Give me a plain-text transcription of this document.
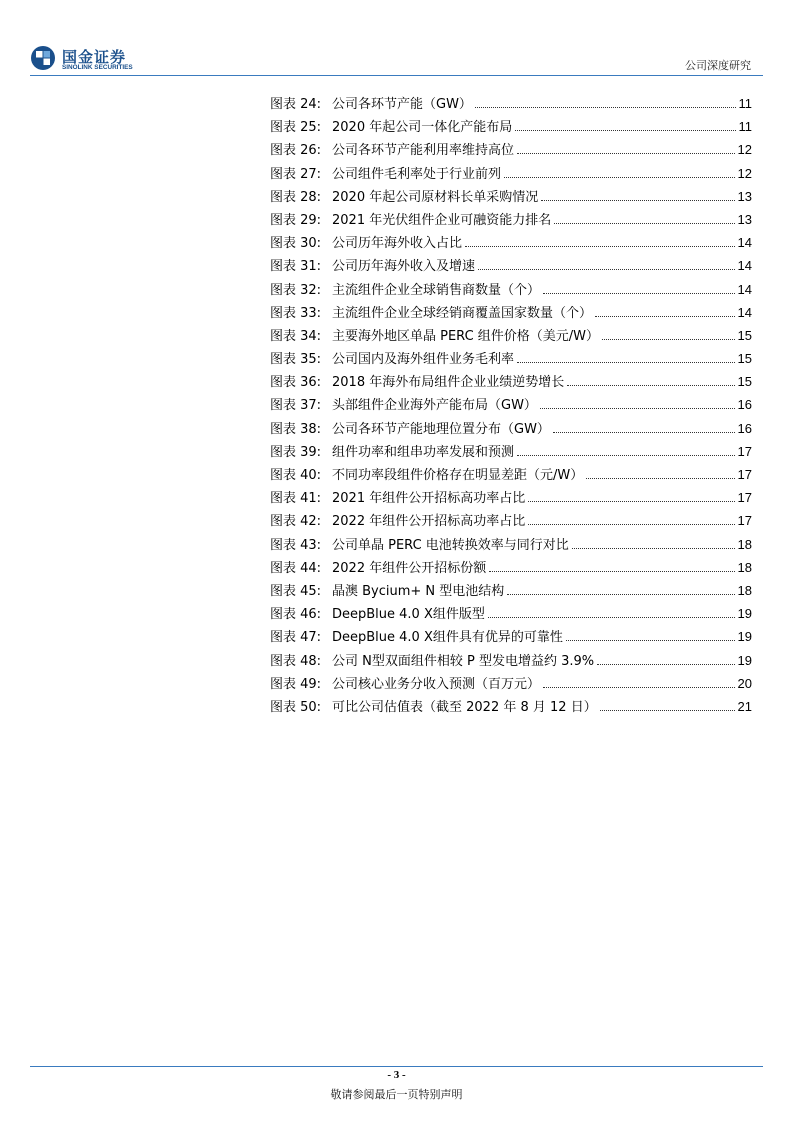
国金证券
SINOLINK SECURITIES	公司深度研究
图表 24: 公司各环节产能（GW）	11
图表 25: 2020 年起公司一体化产能布局	11
图表 26: 公司各环节产能利用率维持高位	12
图表 27: 公司组件毛利率处于行业前列	12
图表 28: 2020 年起公司原材料长单采购情况	13
图表 29: 2021 年光伏组件企业可融资能力排名	13
图表 30: 公司历年海外收入占比	14
图表 31: 公司历年海外收入及增速	14
图表 32: 主流组件企业全球销售商数量（个）	14
图表 33: 主流组件企业全球经销商覆盖国家数量（个）	14
图表 34: 主要海外地区单晶 PERC 组件价格（美元/W）	15
图表 35: 公司国内及海外组件业务毛利率	15
图表 36: 2018 年海外布局组件企业业绩逆势增长	15
图表 37: 头部组件企业海外产能布局（GW）	16
图表 38: 公司各环节产能地理位置分布（GW）	16
图表 39: 组件功率和组串功率发展和预测	17
图表 40: 不同功率段组件价格存在明显差距（元/W）	17
图表 41: 2021 年组件公开招标高功率占比	17
图表 42: 2022 年组件公开招标高功率占比	17
图表 43: 公司单晶 PERC 电池转换效率与同行对比	18
图表 44: 2022 年组件公开招标份额	18
图表 45: 晶澳 Bycium+ N 型电池结构	18
图表 46: DeepBlue 4.0 X组件版型	19
图表 47: DeepBlue 4.0 X组件具有优异的可靠性	19
图表 48: 公司 N型双面组件相较 P 型发电增益约 3.9%	19
图表 49: 公司核心业务分收入预测（百万元）	20
图表 50: 可比公司估值表（截至 2022 年 8 月 12 日）	21
- 3 -
敬请参阅最后一页特别声明
